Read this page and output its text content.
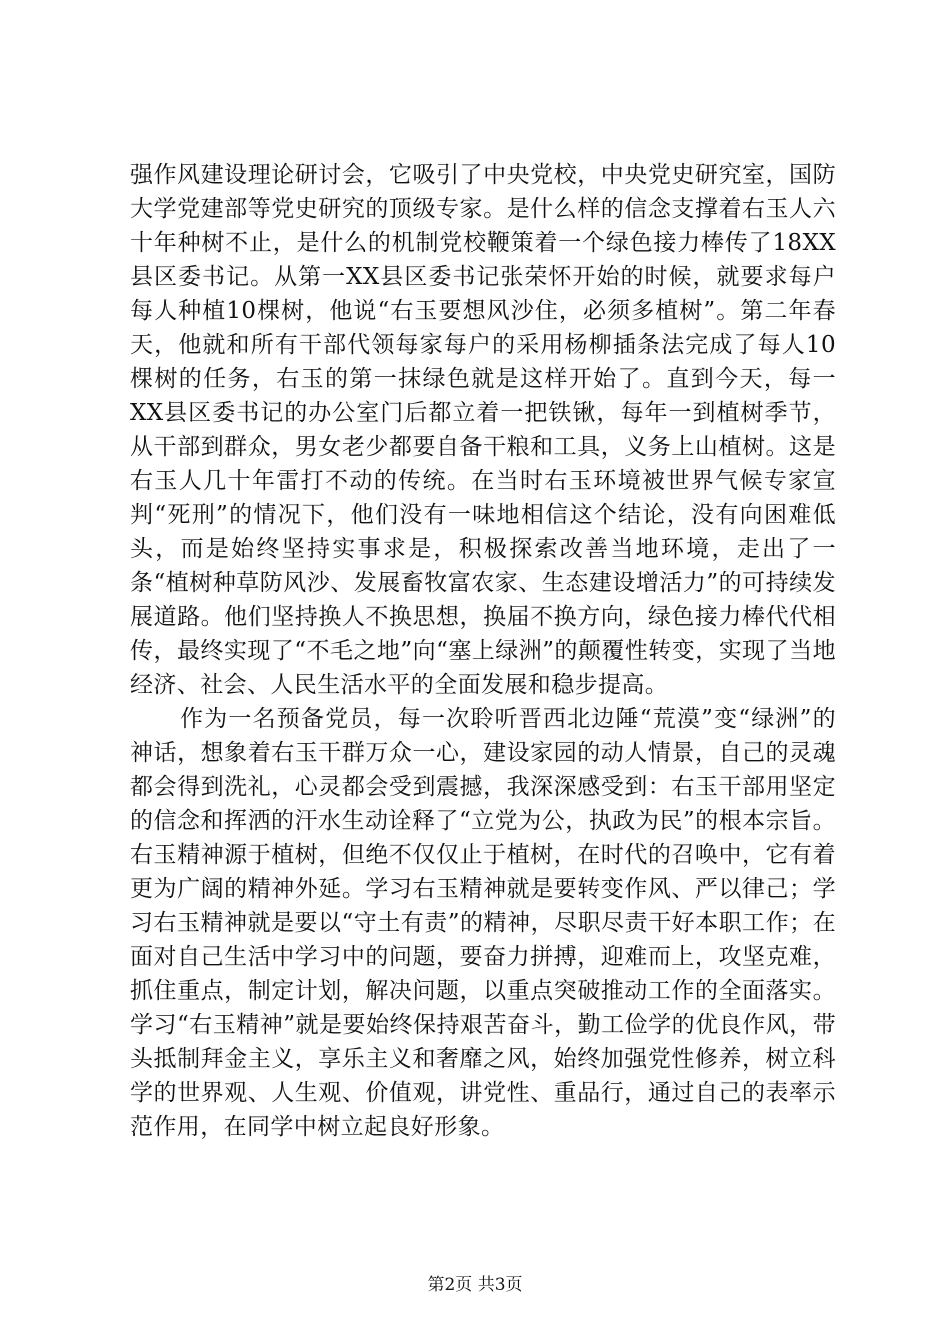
强作风建设理论研讨会，它吸引了中央党校，中央党史研究室，国防大学党建部等党史研究的顶级专家。是什么样的信念支撑着右玉人六十年种树不止，是什么的机制党校鞭策着一个绿色接力棒传了18XX县区委书记。从第一XX县区委书记张荣怀开始的时候，就要求每户每人种植10棵树，他说“右玉要想风沙住，必须多植树”。第二年春天，他就和所有干部代领每家每户的采用杨柳插条法完成了每人10棵树的任务，右玉的第一抹绿色就是这样开始了。直到今天，每一XX县区委书记的办公室门后都立着一把铁锹，每年一到植树季节，从干部到群众，男女老少都要自备干粮和工具，义务上山植树。这是右玉人几十年雷打不动的传统。在当时右玉环境被世界气候专家宣判“死刑”的情况下，他们没有一味地相信这个结论，没有向困难低头，而是始终坚持实事求是，积极探索改善当地环境，走出了一条“植树种草防风沙、发展畜牧富农家、生态建设增活力”的可持续发展道路。他们坚持换人不换思想，换届不换方向，绿色接力棒代代相传，最终实现了“不毛之地”向“塞上绿洲”的颠覆性转变，实现了当地经济、社会、人民生活水平的全面发展和稳步提高。

作为一名预备党员，每一次聆听晋西北边陲“荒漠”变“绿洲”的神话，想象着右玉干群万众一心，建设家园的动人情景，自己的灵魂都会得到洗礼，心灵都会受到震撼，我深深感受到：右玉干部用坚定的信念和挥洒的汗水生动诠释了“立党为公，执政为民”的根本宗旨。右玉精神源于植树，但绝不仅仅止于植树，在时代的召唤中，它有着更为广阔的精神外延。学习右玉精神就是要转变作风、严以律己；学习右玉精神就是要以“守土有责”的精神，尽职尽责干好本职工作；在面对自己生活中学习中的问题，要奋力拼搏，迎难而上，攻坚克难，抓住重点，制定计划，解决问题，以重点突破推动工作的全面落实。学习“右玉精神”就是要始终保持艰苦奋斗，勤工俭学的优良作风，带头抵制拜金主义，享乐主义和奢靡之风，始终加强党性修养，树立科学的世界观、人生观、价值观，讲党性、重品行，通过自己的表率示范作用，在同学中树立起良好形象。

第2页 共3页
